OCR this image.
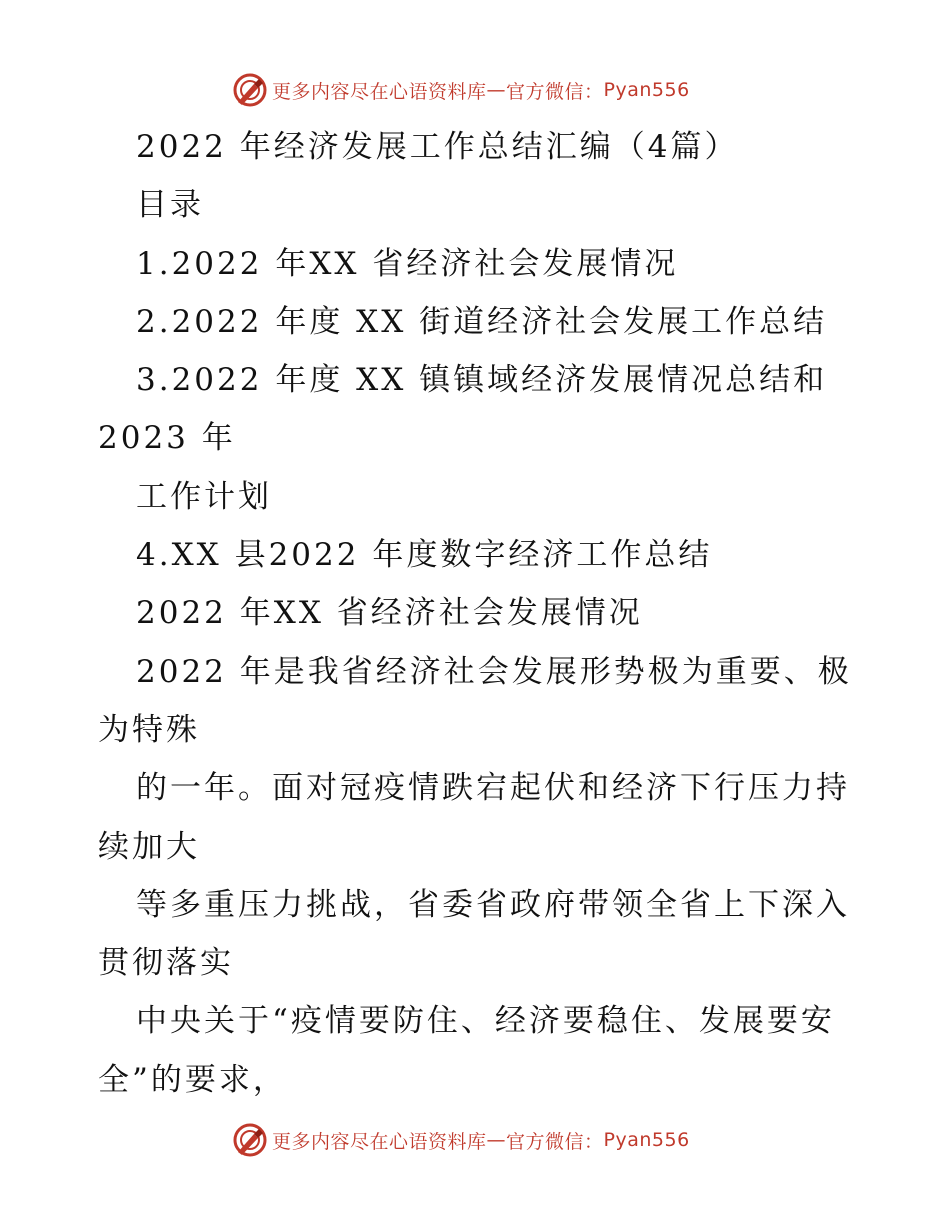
更多内容尽在心语资料库 — 官方微信： Pyan556
2022 年经济发展工作总结汇编（4篇）
目录
1.2022 年XX 省经济社会发展情况
2.2022 年度 XX 街道经济社会发展工作总结
3.2022 年度 XX 镇镇域经济发展情况总结和
2023 年
工作计划
4.XX 县2022 年度数字经济工作总结
2022 年XX 省经济社会发展情况
2022 年是我省经济社会发展形势极为重要、极
为特殊
的一年。面对冠疫情跌宕起伏和经济下行压力持
续加大
等多重压力挑战，省委省政府带领全省上下深入
贯彻落实
中央关于“疫情要防住、经济要稳住、发展要安
全”的要求，
更多内容尽在心语资料库 — 官方微信： Pyan556
